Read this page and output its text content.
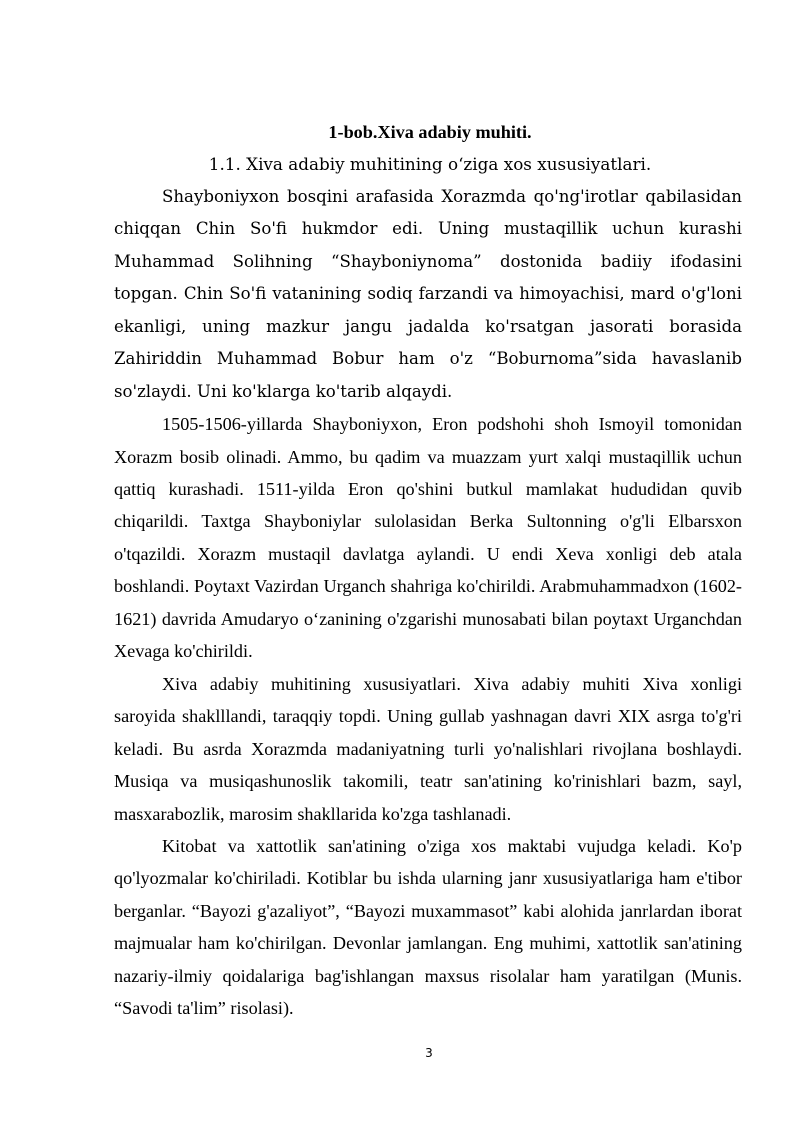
1-bob.Xiva adabiy muhiti.

1.1. Xiva adabiy muhitining o‘ziga xos xususiyatlari.

Shayboniyxon bosqini arafasida Xorazmda qo'ng'irotlar qabilasidan chiqqan Chin So'fi hukmdor edi. Uning mustaqillik uchun kurashi Muhammad Solihning “Shayboniynoma” dostonida badiiy ifodasini topgan. Chin So'fi vatanining sodiq farzandi va himoyachisi, mard o'g'loni ekanligi, uning mazkur jangu jadalda ko'rsatgan jasorati borasida Zahiriddin Muhammad Bobur ham o'z “Boburnoma”sida havaslanib so'zlaydi. Uni ko'klarga ko'tarib alqaydi.

1505-1506-yillarda Shayboniyxon, Eron podshohi shoh Ismoyil tomonidan Xorazm bosib olinadi. Ammo, bu qadim va muazzam yurt xalqi mustaqillik uchun qattiq kurashadi. 1511-yilda Eron qo'shini butkul mamlakat hududidan quvib chiqarildi. Taxtga Shayboniylar sulolasidan Berka Sultonning o'g'li Elbarsxon o'tqazildi. Xorazm mustaqil davlatga aylandi. U endi Xeva xonligi deb atala boshlandi. Poytaxt Vazirdan Urganch shahriga ko'chirildi. Arabmuhammadxon (1602-1621) davrida Amudaryo o‘zanining o'zgarishi munosabati bilan poytaxt Urganchdan Xevaga ko'chirildi.

Xiva adabiy muhitining xususiyatlari. Xiva adabiy muhiti Xiva xonligi saroyida shaklllandi, taraqqiy topdi. Uning gullab yashnagan davri XIX asrga to'g'ri keladi. Bu asrda Xorazmda madaniyatning turli yo'nalishlari rivojlana boshlaydi. Musiqa va musiqashunoslik takomili, teatr san'atining ko'rinishlari bazm, sayl, masxarabozlik, marosim shakllarida ko'zga tashlanadi.

Kitobat va xattotlik san'atining o'ziga xos maktabi vujudga keladi. Ko'p qo'lyozmalar ko'chiriladi. Kotiblar bu ishda ularning janr xususiyatlariga ham e'tibor berganlar. “Bayozi g'azaliyot”, “Bayozi muxammasot” kabi alohida janrlardan iborat majmualar ham ko'chirilgan. Devonlar jamlangan. Eng muhimi, xattotlik san'atining nazariy-ilmiy qoidalariga bag'ishlangan maxsus risolalar ham yaratilgan (Munis. “Savodi ta'lim” risolasi).

3
